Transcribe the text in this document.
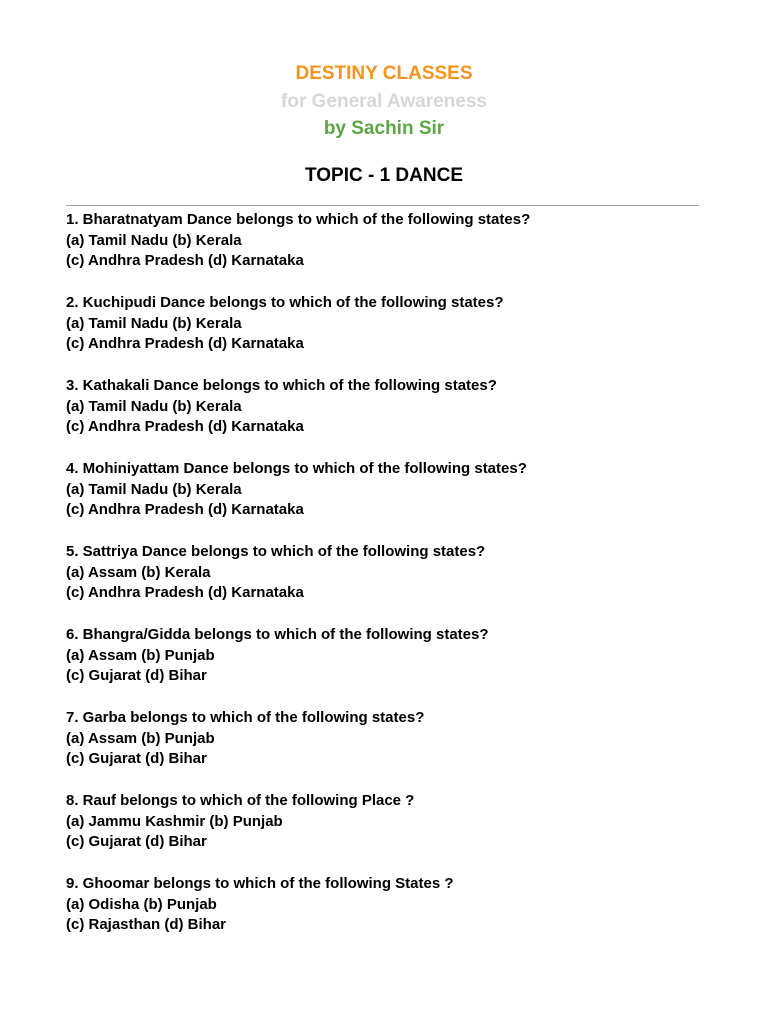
DESTINY CLASSES
for General Awareness
by Sachin Sir
TOPIC - 1 DANCE
1. Bharatnatyam Dance belongs to which of the following states?
(a) Tamil Nadu (b) Kerala
(c) Andhra Pradesh (d) Karnataka
2. Kuchipudi Dance belongs to which of the following states?
(a) Tamil Nadu (b) Kerala
(c) Andhra Pradesh (d) Karnataka
3. Kathakali Dance belongs to which of the following states?
(a) Tamil Nadu (b) Kerala
(c) Andhra Pradesh (d) Karnataka
4. Mohiniyattam Dance belongs to which of the following states?
(a) Tamil Nadu (b) Kerala
(c) Andhra Pradesh (d) Karnataka
5. Sattriya Dance belongs to which of the following states?
(a) Assam (b) Kerala
(c) Andhra Pradesh (d) Karnataka
6. Bhangra/Gidda belongs to which of the following states?
(a) Assam (b) Punjab
(c) Gujarat (d) Bihar
7. Garba belongs to which of the following states?
(a) Assam (b) Punjab
(c) Gujarat (d) Bihar
8. Rauf belongs to which of the following Place ?
(a) Jammu Kashmir (b) Punjab
(c) Gujarat (d) Bihar
9. Ghoomar belongs to which of the following States ?
(a) Odisha (b) Punjab
(c) Rajasthan (d) Bihar
